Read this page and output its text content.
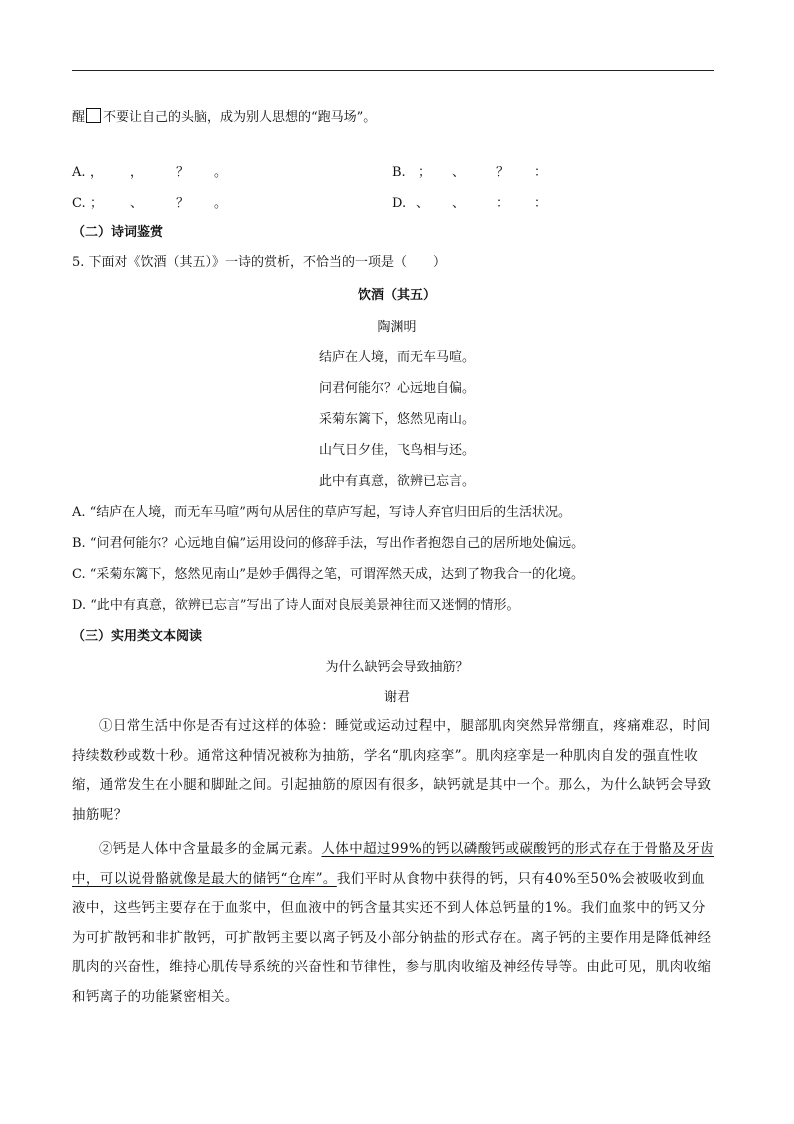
醒 不要让自己的头脑，成为别人思想的“跑马场”。
A. ， ，	？ 。	B. ； 、 ？ ：
C. ； 、	？ 。	D. 、 、 ： ：
（二）诗词鉴赏
5. 下面对《饮酒（其五）》一诗的赏析，不恰当的一项是（　　）
饮酒（其五）
陶渊明
结庐在人境，而无车马喧。
问君何能尔？心远地自偏。
采菊东篱下，悠然见南山。
山气日夕佳，飞鸟相与还。
此中有真意，欲辨已忘言。
A. “结庐在人境，而无车马喧”两句从居住的草庐写起，写诗人弃官归田后的生活状况。
B. “问君何能尔？心远地自偏”运用设问的修辞手法，写出作者抱怨自己的居所地处偏远。
C. “采菊东篱下，悠然见南山”是妙手偶得之笔，可谓浑然天成，达到了物我合一的化境。
D. “此中有真意，欲辨已忘言”写出了诗人面对良辰美景神往而又迷惘的情形。
（三）实用类文本阅读
为什么缺钙会导致抽筋？
谢君
①日常生活中你是否有过这样的体验：睡觉或运动过程中，腿部肌肉突然异常绷直，疼痛难忍，时间持续数秒或数十秒。通常这种情况被称为抽筋，学名“肌肉痉挛”。肌肉痉挛是一种肌肉自发的强直性收缩，通常发生在小腿和脚趾之间。引起抽筋的原因有很多，缺钙就是其中一个。那么，为什么缺钙会导致抽筋呢？
②钙是人体中含量最多的金属元素。人体中超过99%的钙以磷酸钙或碳酸钙的形式存在于骨骼及牙齿中，可以说骨骼就像是最大的储钙“仓库”。我们平时从食物中获得的钙，只有40%至50%会被吸收到血液中，这些钙主要存在于血浆中，但血液中的钙含量其实还不到人体总钙量的1%。我们血浆中的钙又分为可扩散钙和非扩散钙，可扩散钙主要以离子钙及小部分钠盐的形式存在。离子钙的主要作用是降低神经肌肉的兴奋性，维持心肌传导系统的兴奋性和节律性，参与肌肉收缩及神经传导等。由此可见，肌肉收缩和钙离子的功能紧密相关。
